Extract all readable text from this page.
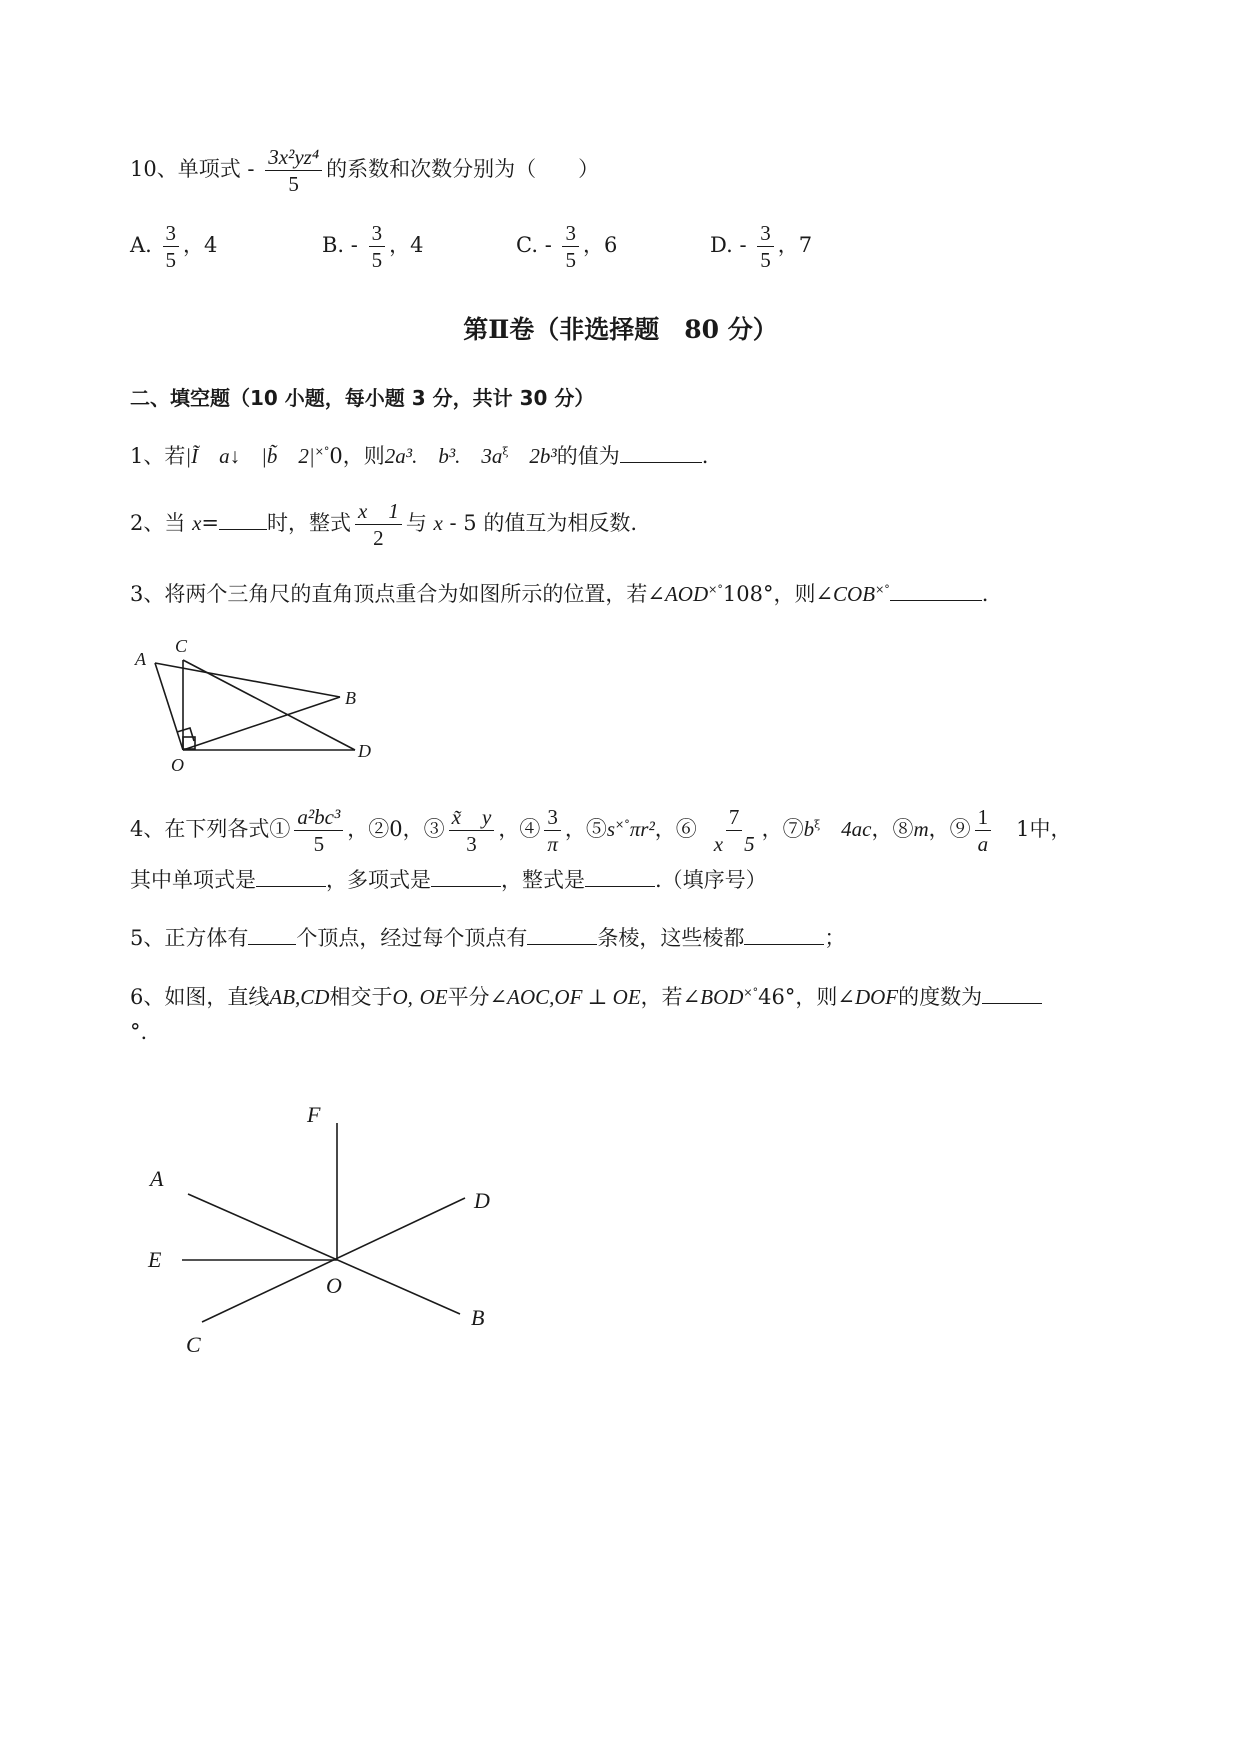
10、单项式 - $\frac{\text{3x²yz⁴}}{5}$ 的系数和次数分别为（　　）
A. $\frac{3}{5}$ ，4	B. - $\frac{3}{5}$ ，4	C. - $\frac{3}{5}$ ，6	D. - $\frac{3}{5}$ ，7
第Ⅱ卷（非选择题　80 分）
二、填空题（10 小题，每小题 3 分，共计 30 分）
1、若|Ĩ　a↓　|b̃　2|×°0，则2a³.　b³.　$3a^\xi$　2b³的值为	.
2、当 x= 时，整式 $\frac{x 1}{2}$ 与 x - 5 的值互为相反数.
3、将两个三角尺的直角顶点重合为如图所示的位置，若∠AOD×°108°，则∠COB×°	.
A
C
B
D
O
4、在下列各式① $\frac{\text{a²bc³}}{5}$ ，②0，③ $\frac{x̃ y}{3}$ ，④ $\frac{3}{\pi}$ ，⑤s×°πr²，⑥ $\frac{7}{x 5}$ ，$⑦b^\xi$　4ac，⑧m，⑨ $\frac{1}{a}$ 　1中，
其中单项式是	，多项式是	，整式是	.（填序号）
5、正方体有 个顶点，经过每个顶点有	条棱，这些棱都	；
6、如图，直线AB,CD相交于O, OE平分∠AOC,OF ⊥ OE，若∠BOD×°46°，则∠DOF的度数为
°.
F
A
D
E
O
C
B
